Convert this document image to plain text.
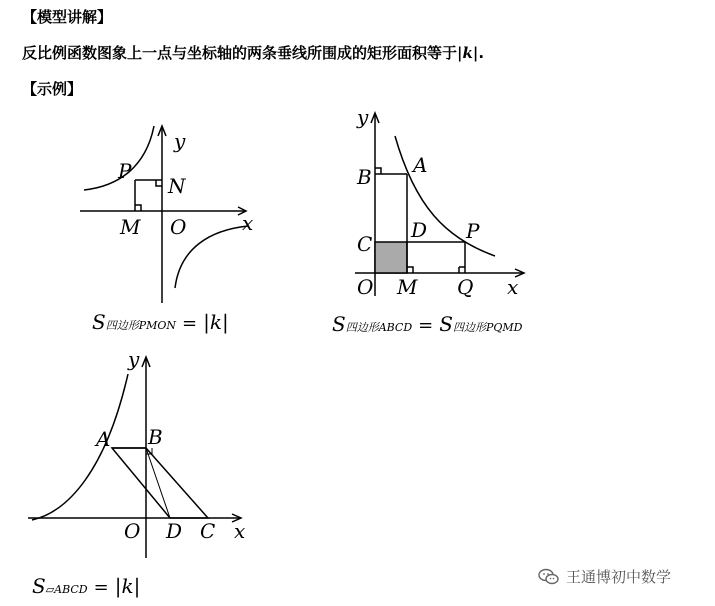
【模型讲解】
反比例函数图象上一点与坐标轴的两条垂线所围成的矩形面积等于|k|.
【示例】
y
x
P
N
M O
S四边形PMON = |k|
y
x
A
B
C
D P
O M Q
S四边形ABCD = S四边形PQMD
y
x
A B
O D C
S▱ABCD = |k|	王通博初中数学
